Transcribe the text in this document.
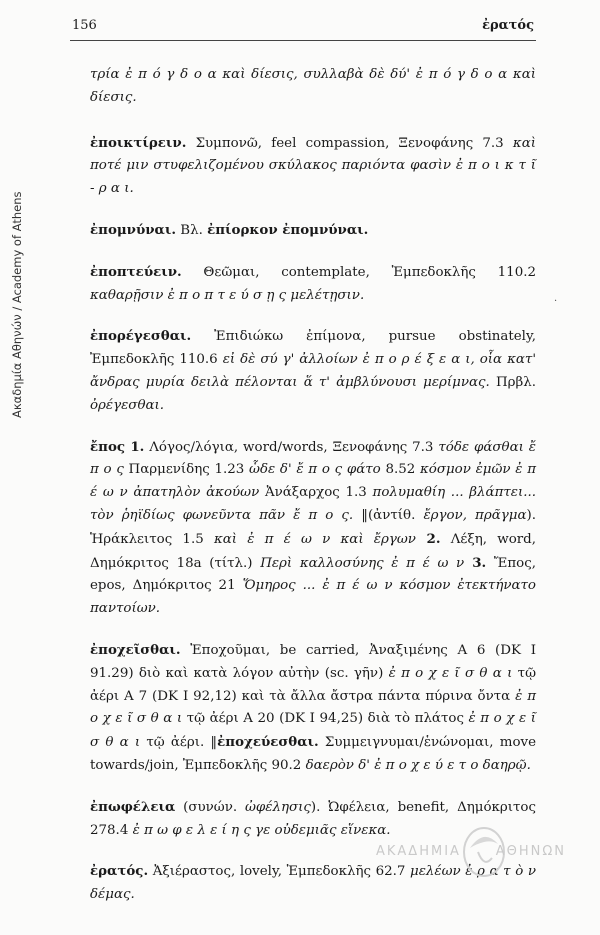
Ακαδημία Αθηνών / Academy of Athens
156	ἐρατός
·

τρία ἐ π ό γ δ ο α καὶ δίεσις, συλλαβὰ δὲ δύ' ἐ π ό γ δ ο α καὶ δίεσις.

ἐποικτίρειν. Συμπονῶ, feel compassion, Ξενοφάνης 7.3 καὶ ποτέ μιν στυφελιζομένου σκύλακος παριόντα φασὶν ἐ π ο ι κ τ ῖ - ρ α ι.

ἐπομνύναι. Βλ. ἐπίορκον ἐπομνύναι.

ἐποπτεύειν. Θεῶμαι, contemplate, Ἐμπεδοκλῆς 110.2 καθαρῇσιν ἐ π ο π τ ε ύ σ ῃ ς μελέτῃσιν.

ἐπορέγεσθαι. Ἐπιδιώκω ἐπίμονα, pursue obstinately, Ἐμπεδοκλῆς 110.6 εἰ δὲ σύ γ' ἀλλοίων ἐ π ο ρ έ ξ ε α ι, οἷα κατ' ἄνδρας μυρία δειλὰ πέλονται ἅ τ' ἀμβλύνουσι μερίμνας. Πρβλ. ὀρέγεσθαι.

ἔπος 1. Λόγος/λόγια, word/words, Ξενοφάνης 7.3 τόδε φάσθαι ἔ π ο ς Παρμενίδης 1.23 ὧδε δ' ἔ π ο ς φάτο 8.52 κόσμον ἐμῶν ἐ π έ ω ν ἀπατηλὸν ἀκούων Ἀνάξαρχος 1.3 πολυμαθίη ... βλάπτει... τὸν ῥηϊδίως φωνεῦντα πᾶν ἔ π ο ς. ‖(ἀντίθ. ἔργον, πρᾶγμα). Ἡράκλειτος 1.5 καὶ ἐ π έ ω ν καὶ ἔργων 2. Λέξη, word, Δημόκριτος 18a (τίτλ.) Περὶ καλλοσύνης ἐ π έ ω ν 3. Ἔπος, epos, Δημόκριτος 21 Ὅμηρος ... ἐ π έ ω ν κόσμον ἐτεκτήνατο παντοίων.

ἐποχεῖσθαι. Ἐποχοῦμαι, be carried, Ἀναξιμένης Α 6 (DK I 91.29) διὸ καὶ κατὰ λόγον αὐτὴν (sc. γῆν) ἐ π ο χ ε ῖ σ θ α ι τῷ ἀέρι Α 7 (DK I 92,12) καὶ τὰ ἄλλα ἄστρα πάντα πύρινα ὄντα ἐ π ο χ ε ῖ σ θ α ι τῷ ἀέρι Α 20 (DK I 94,25) διὰ τὸ πλάτος ἐ π ο χ ε ῖ σ θ α ι τῷ ἀέρι. ‖ἐποχεύεσθαι. Συμμειγνυμαι/ἑνώνομαι, move towards/join, Ἐμπεδοκλῆς 90.2 δαερὸν δ' ἐ π ο χ ε ύ ε τ ο δαηρῷ.

ἐπωφέλεια (συνών. ὠφέλησις). Ὠφέλεια, benefit, Δημόκριτος 278.4 ἐ π ω φ ε λ ε ί η ς γε οὐδεμιᾶς εἵνεκα.

ἐρατός. Ἀξιέραστος, lovely, Ἐμπεδοκλῆς 62.7 μελέων ἐ ρ α τ ὸ ν δέμας.

ΑΚΑΔΗΜΙΑ	ΑΘΗΝΩΝ
